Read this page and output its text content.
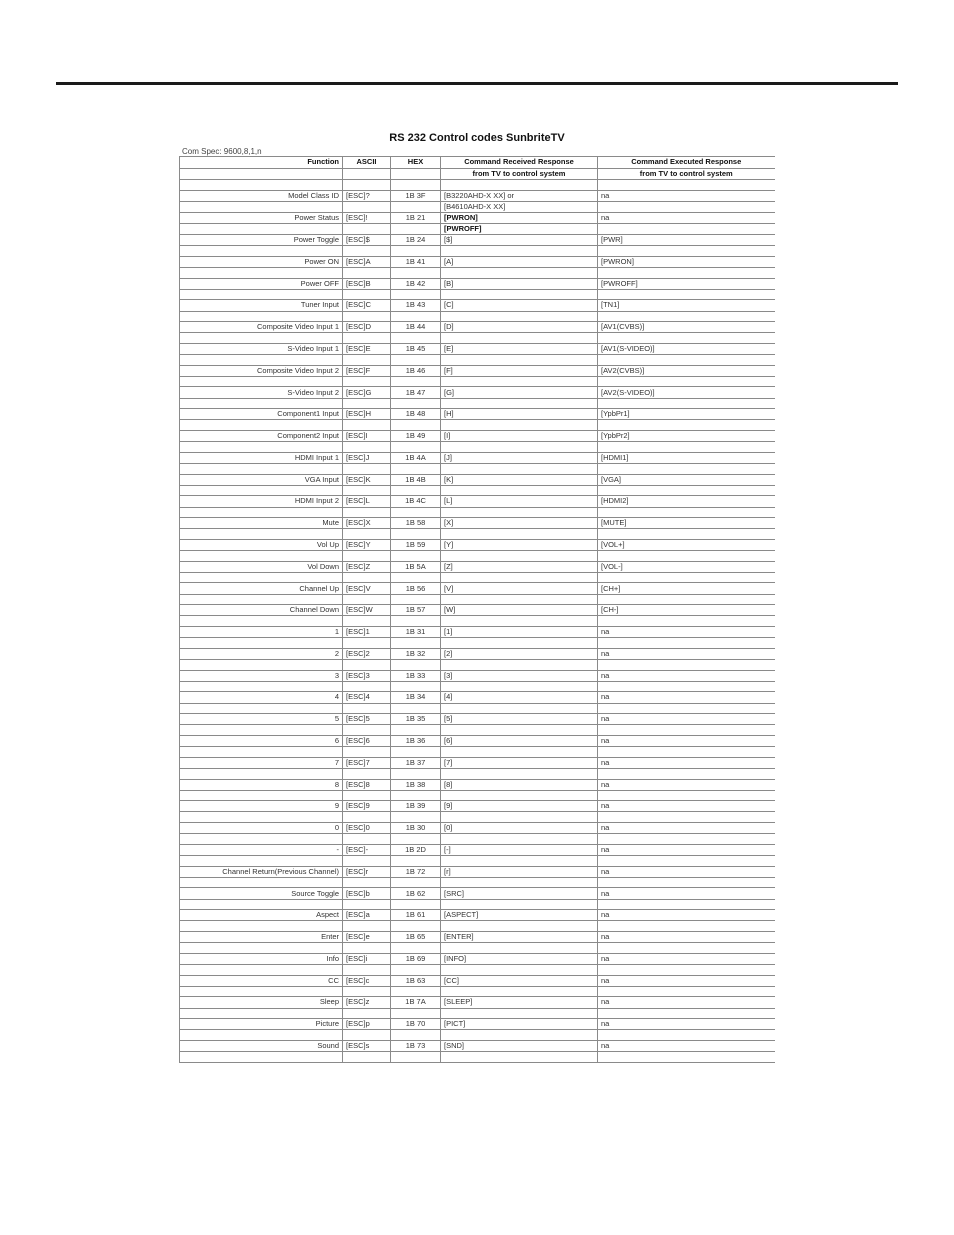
RS 232 Control codes SunbriteTV
Com Spec: 9600,8,1,n
Function	ASCII	HEX	Command Received Response	Command Executed Response
			from TV to control system	from TV to control system

Model Class ID	[ESC]?	1B 3F	[B3220AHD-X XX] or	na
			[B4610AHD-X XX]	
Power Status	[ESC]!	1B 21	[PWRON]	na
			[PWROFF]	
Power Toggle	[ESC]$	1B 24	[$]	[PWR]

Power ON	[ESC]A	1B 41	[A]	[PWRON]

Power OFF	[ESC]B	1B 42	[B]	[PWROFF]

Tuner Input	[ESC]C	1B 43	[C]	[TN1]

Composite Video Input 1	[ESC]D	1B 44	[D]	[AV1(CVBS)]

S-Video Input 1	[ESC]E	1B 45	[E]	[AV1(S-VIDEO)]

Composite Video Input 2	[ESC]F	1B 46	[F]	[AV2(CVBS)]

S-Video Input 2	[ESC]G	1B 47	[G]	[AV2(S-VIDEO)]

Component1 Input	[ESC]H	1B 48	[H]	[YpbPr1]

Component2 Input	[ESC]I	1B 49	[I]	[YpbPr2]

HDMI Input 1	[ESC]J	1B 4A	[J]	[HDMI1]

VGA Input	[ESC]K	1B 4B	[K]	[VGA]

HDMI Input 2	[ESC]L	1B 4C	[L]	[HDMI2]

Mute	[ESC]X	1B 58	[X]	[MUTE]

Vol Up	[ESC]Y	1B 59	[Y]	[VOL+]

Vol Down	[ESC]Z	1B 5A	[Z]	[VOL-]

Channel Up	[ESC]V	1B 56	[V]	[CH+]

Channel Down	[ESC]W	1B 57	[W]	[CH-]

1	[ESC]1	1B 31	[1]	na

2	[ESC]2	1B 32	[2]	na

3	[ESC]3	1B 33	[3]	na

4	[ESC]4	1B 34	[4]	na

5	[ESC]5	1B 35	[5]	na

6	[ESC]6	1B 36	[6]	na

7	[ESC]7	1B 37	[7]	na

8	[ESC]8	1B 38	[8]	na

9	[ESC]9	1B 39	[9]	na

0	[ESC]0	1B 30	[0]	na

-	[ESC]-	1B 2D	[-]	na

Channel Return(Previous Channel)	[ESC]r	1B 72	[r]	na

Source Toggle	[ESC]b	1B 62	[SRC]	na

Aspect	[ESC]a	1B 61	[ASPECT]	na

Enter	[ESC]e	1B 65	[ENTER]	na

Info	[ESC]i	1B 69	[INFO]	na

CC	[ESC]c	1B 63	[CC]	na

Sleep	[ESC]z	1B 7A	[SLEEP]	na

Picture	[ESC]p	1B 70	[PICT]	na

Sound	[ESC]s	1B 73	[SND]	na
